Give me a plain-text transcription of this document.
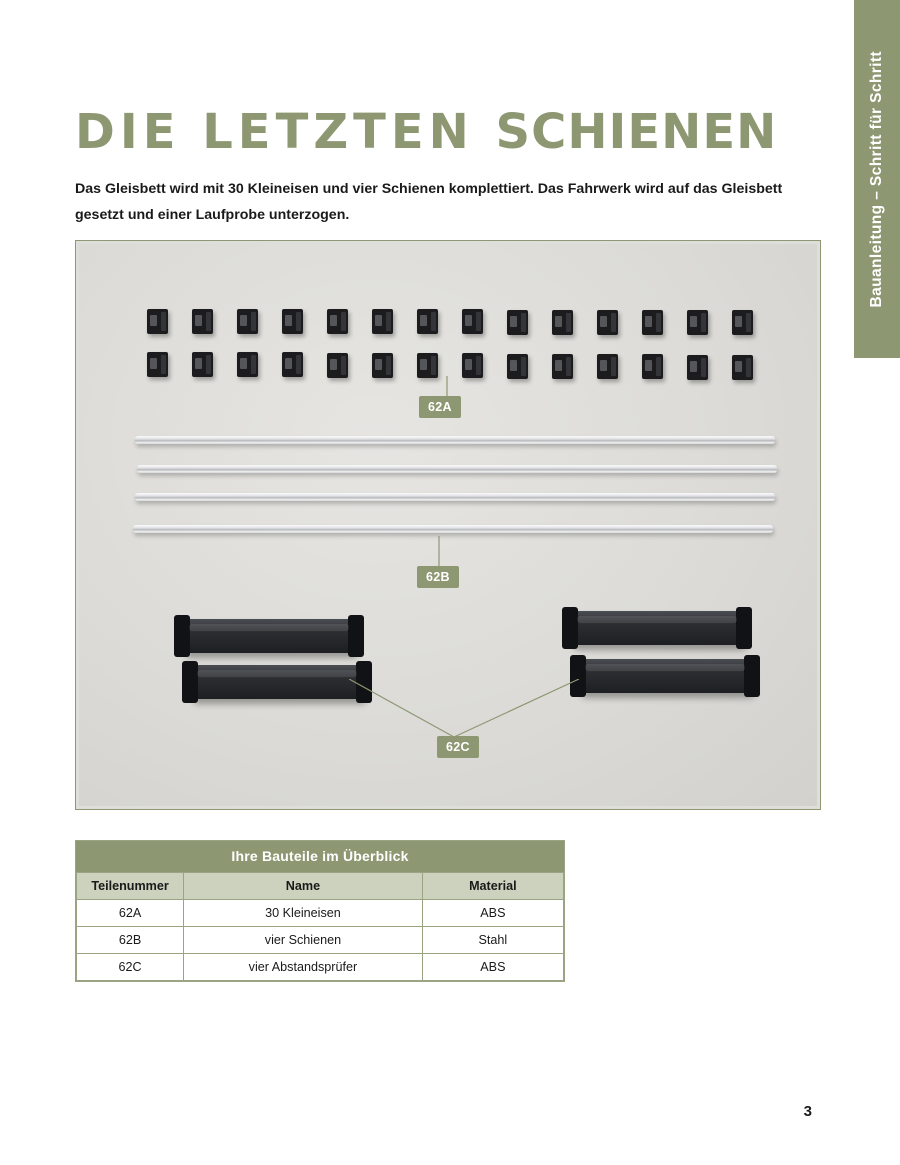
Bauanleitung – Schritt für Schritt
DIE LETZTEN SCHIENEN

Das Gleisbett wird mit 30 Kleineisen und vier Schienen komplettiert. Das Fahrwerk wird auf das Gleisbett gesetzt und einer Laufprobe unterzogen.

62A
62B
62C
Ihre Bauteile im Überblick
Teilenummer	Name	Material
62A	30 Kleineisen	ABS
62B	vier Schienen	Stahl
62C	vier Abstandsprüfer	ABS
3
